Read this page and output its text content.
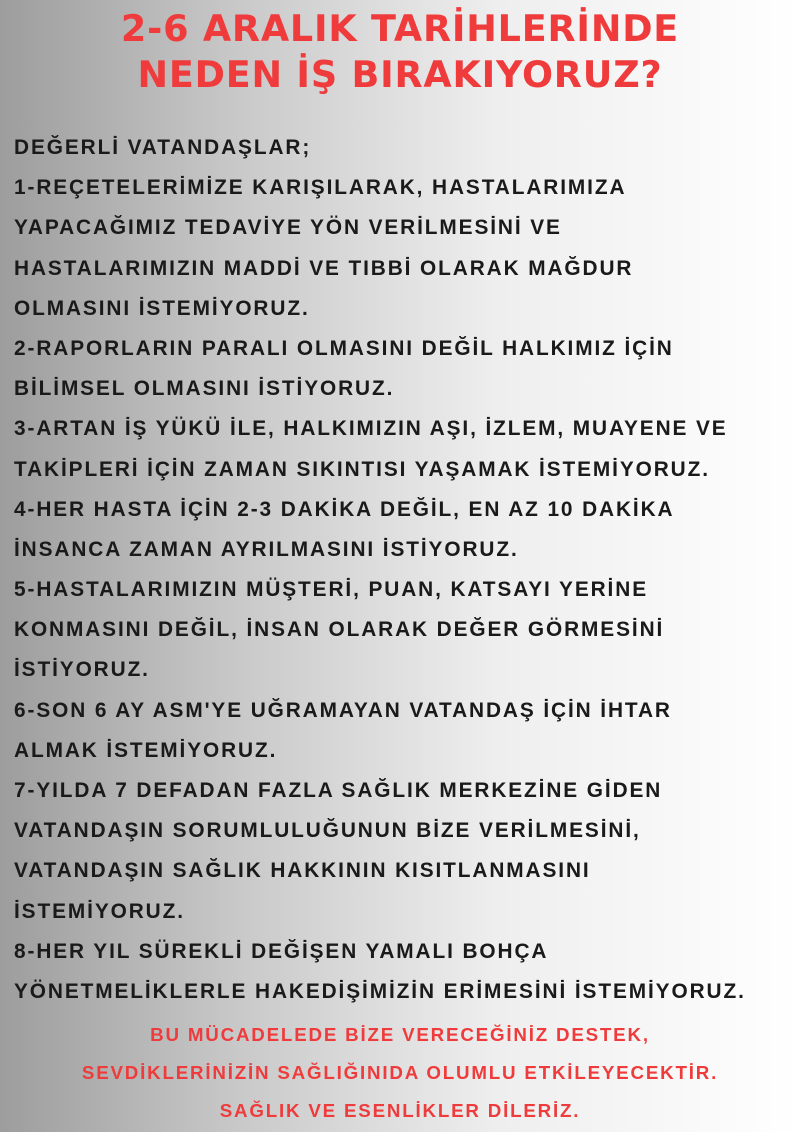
2-6 ARALIK TARİHLERİNDE
NEDEN İŞ BIRAKIYORUZ?
DEĞERLİ VATANDAŞLAR;
1-REÇETELERİMİZE KARIŞILARAK, HASTALARIMIZA
YAPACAĞIMIZ TEDAVİYE YÖN VERİLMESİNİ VE
HASTALARIMIZIN MADDİ VE TIBBİ OLARAK MAĞDUR
OLMASINI İSTEMİYORUZ.
2-RAPORLARIN PARALI OLMASINI DEĞİL HALKIMIZ İÇİN
BİLİMSEL OLMASINI İSTİYORUZ.
3-ARTAN İŞ YÜKÜ İLE, HALKIMIZIN AŞI, İZLEM, MUAYENE VE
TAKİPLERİ İÇİN ZAMAN SIKINTISI YAŞAMAK İSTEMİYORUZ.
4-HER HASTA İÇİN 2-3 DAKİKA DEĞİL, EN AZ 10 DAKİKA
İNSANCA ZAMAN AYRILMASINI İSTİYORUZ.
5-HASTALARIMIZIN MÜŞTERİ, PUAN, KATSAYI YERİNE
KONMASINI DEĞİL, İNSAN OLARAK DEĞER GÖRMESİNİ
İSTİYORUZ.
6-SON 6 AY ASM'YE UĞRAMAYAN VATANDAŞ İÇİN İHTAR
ALMAK İSTEMİYORUZ.
7-YILDA 7 DEFADAN FAZLA SAĞLIK MERKEZİNE GİDEN
VATANDAŞIN SORUMLULUĞUNUN BİZE VERİLMESİNİ,
VATANDAŞIN SAĞLIK HAKKININ KISITLANMASINI
İSTEMİYORUZ.
8-HER YIL SÜREKLİ DEĞİŞEN YAMALI BOHÇA
YÖNETMELİKLERLE HAKEDİŞİMİZİN ERİMESİNİ İSTEMİYORUZ.
BU MÜCADELEDE BİZE VERECEĞİNİZ DESTEK,
SEVDİKLERİNİZİN SAĞLIĞINIDA OLUMLU ETKİLEYECEKTİR.
SAĞLIK VE ESENLİKLER DİLERİZ.
